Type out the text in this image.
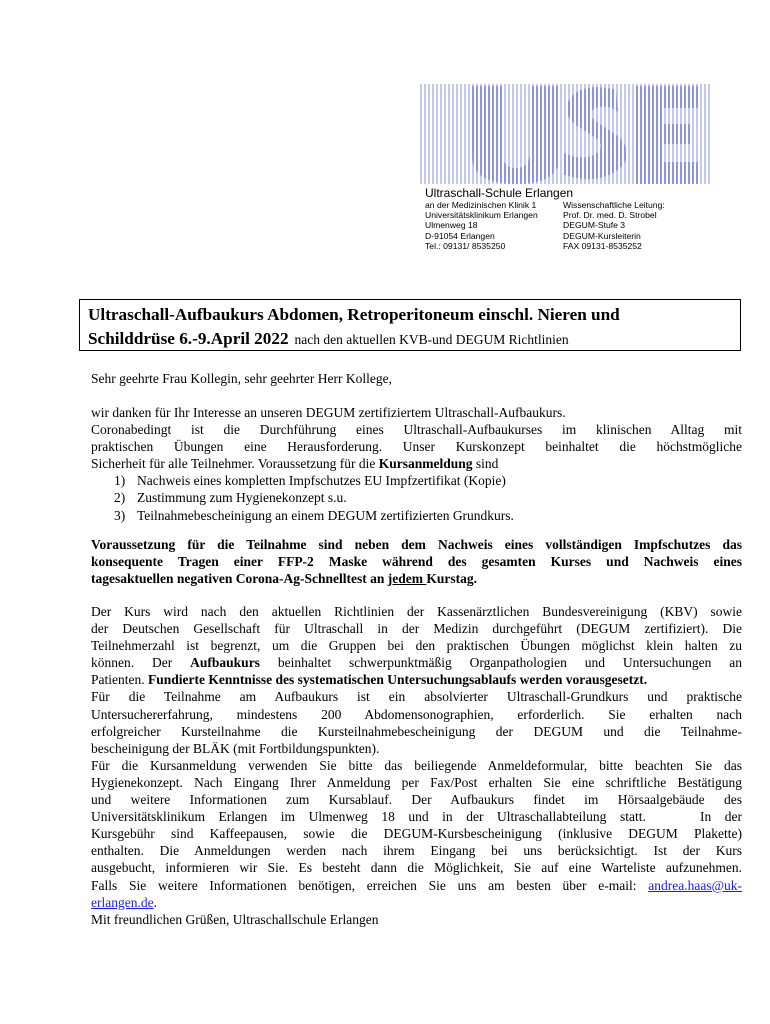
Ultraschall-Schule Erlangen
an der Medizinischen Klinik 1
Universitätsklinikum Erlangen
Ulmenweg 18
D-91054 Erlangen
Tel.: 09131/ 8535250
Wissenschaftliche Leitung:
Prof. Dr. med. D. Strobel
DEGUM-Stufe 3
DEGUM-Kursleiterin
FAX 09131-8535252
Ultraschall-Aufbaukurs Abdomen, Retroperitoneum einschl. Nieren und
Schilddrüse 6.-9.April 2022 nach den aktuellen KVB-und DEGUM Richtlinien
Sehr geehrte Frau Kollegin, sehr geehrter Herr Kollege,
wir danken für Ihr Interesse an unseren DEGUM zertifiziertem Ultraschall-Aufbaukurs.
Coronabedingt ist die Durchführung eines Ultraschall-Aufbaukurses im klinischen Alltag mit
praktischen Übungen eine Herausforderung. Unser Kurskonzept beinhaltet die höchstmögliche
Sicherheit für alle Teilnehmer. Voraussetzung für die Kursanmeldung sind
1) Nachweis eines kompletten Impfschutzes EU Impfzertifikat (Kopie)
2) Zustimmung zum Hygienekonzept s.u.
3) Teilnahmebescheinigung an einem DEGUM zertifizierten Grundkurs.
Voraussetzung für die Teilnahme sind neben dem Nachweis eines vollständigen Impfschutzes das
konsequente Tragen einer FFP-2 Maske während des gesamten Kurses und Nachweis eines
tagesaktuellen negativen Corona-Ag-Schnelltest an jedem Kurstag.
Der Kurs wird nach den aktuellen Richtlinien der Kassenärztlichen Bundesvereinigung (KBV) sowie
der Deutschen Gesellschaft für Ultraschall in der Medizin durchgeführt (DEGUM zertifiziert). Die
Teilnehmerzahl ist begrenzt, um die Gruppen bei den praktischen Übungen möglichst klein halten zu
können. Der Aufbaukurs beinhaltet schwerpunktmäßig Organpathologien und Untersuchungen an
Patienten. Fundierte Kenntnisse des systematischen Untersuchungsablaufs werden vorausgesetzt.
Für die Teilnahme am Aufbaukurs ist ein absolvierter Ultraschall-Grundkurs und praktische
Untersuchererfahrung, mindestens 200 Abdomensonographien, erforderlich. Sie erhalten nach
erfolgreicher Kursteilnahme die Kursteilnahmebescheinigung der DEGUM und die Teilnahme-
bescheinigung der BLÄK (mit Fortbildungspunkten).
Für die Kursanmeldung verwenden Sie bitte das beiliegende Anmeldeformular, bitte beachten Sie das
Hygienekonzept. Nach Eingang Ihrer Anmeldung per Fax/Post erhalten Sie eine schriftliche Bestätigung
und weitere Informationen zum Kursablauf. Der Aufbaukurs findet im Hörsaalgebäude des
Universitätsklinikum Erlangen im Ulmenweg 18 und in der Ultraschallabteilung statt.    In der
Kursgebühr sind Kaffeepausen, sowie die DEGUM-Kursbescheinigung (inklusive DEGUM Plakette)
enthalten. Die Anmeldungen werden nach ihrem Eingang bei uns berücksichtigt. Ist der Kurs
ausgebucht, informieren wir Sie. Es besteht dann die Möglichkeit, Sie auf eine Warteliste aufzunehmen.
Falls Sie weitere Informationen benötigen, erreichen Sie uns am besten über e-mail: andrea.haas@uk-
erlangen.de.
Mit freundlichen Grüßen, Ultraschallschule Erlangen
